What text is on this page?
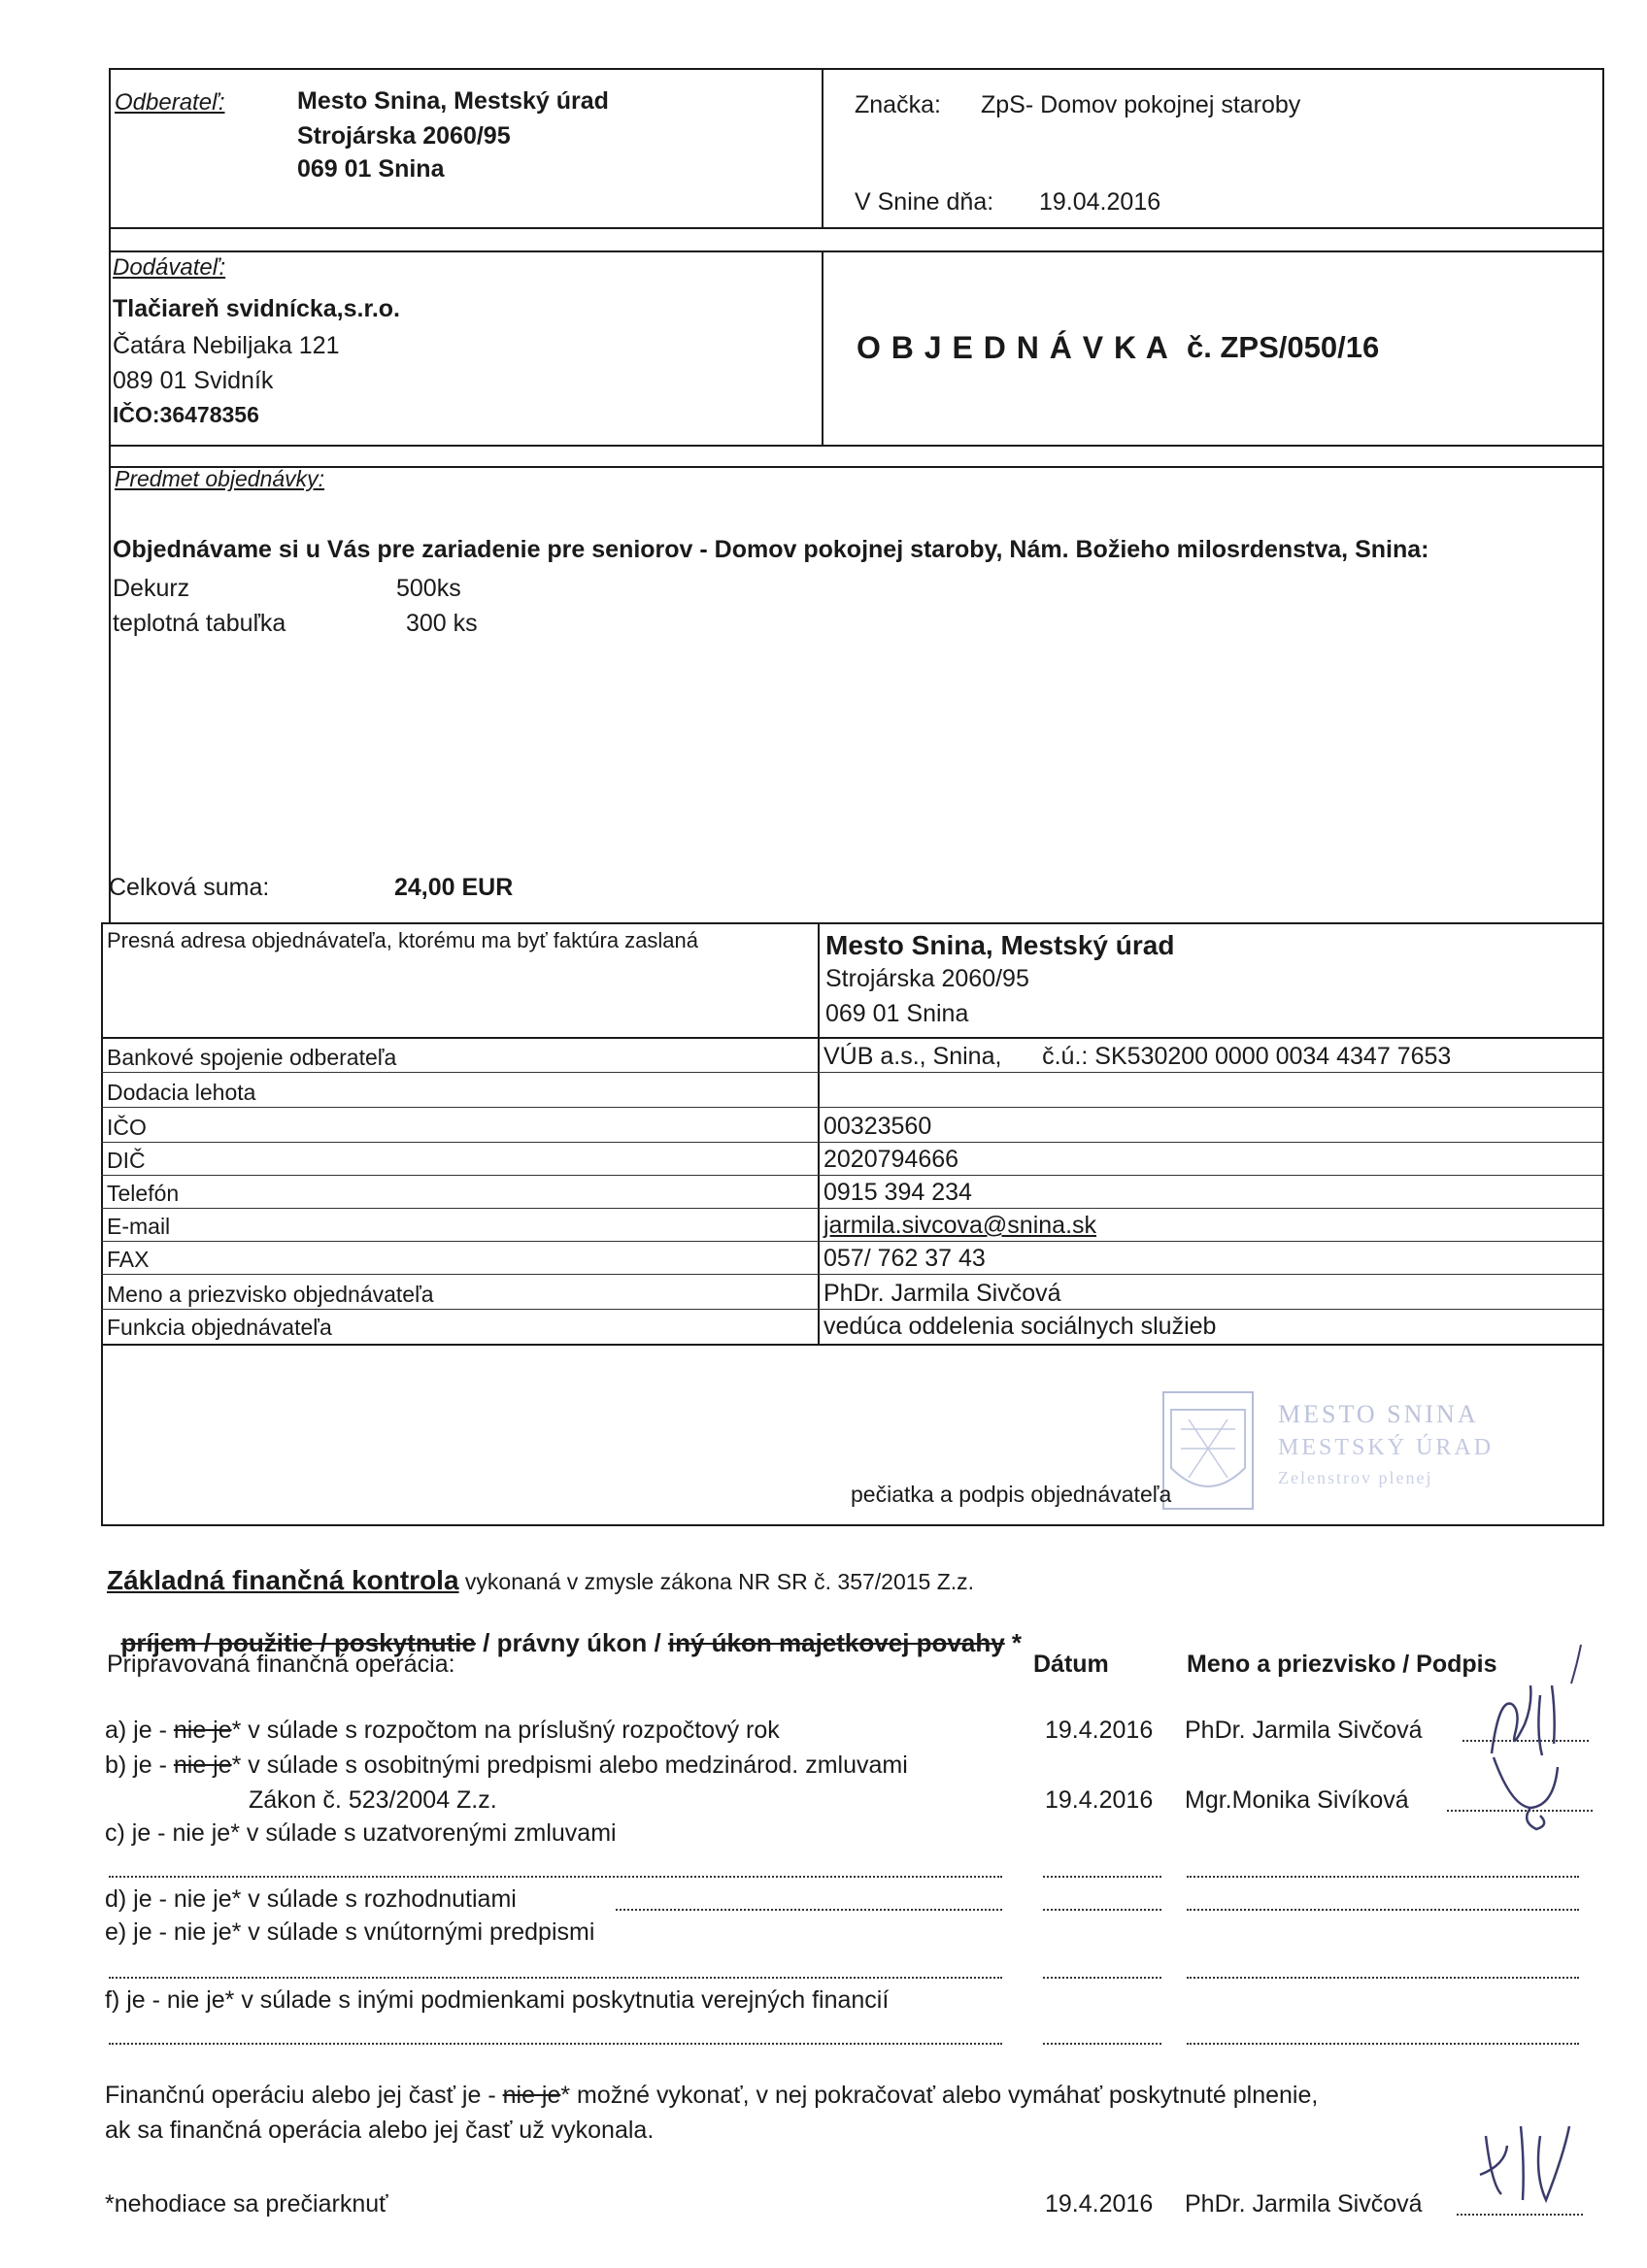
Odberateľ:	Mesto Snina, Mestský úrad
Strojárska 2060/95
069 01 Snina
Značka: ZpS- Domov pokojnej staroby
V Snine dňa: 19.04.2016
Dodávateľ:
Tlačiareň svidnícka,s.r.o.
Čatára Nebiljaka 121
089 01 Svidník
IČO:36478356
O B J E D N Á V K A č. ZPS/050/16
Predmet objednávky:
Objednávame si u Vás pre zariadenie pre seniorov - Domov pokojnej staroby, Nám. Božieho milosrdenstva, Snina:
Dekurz	500ks
teplotná tabuľka	300 ks
Celková suma:	24,00 EUR
Presná adresa objednávateľa, ktorému ma byť faktúra zaslaná	Mesto Snina, Mestský úrad
Strojárska 2060/95
069 01 Snina
Bankové spojenie odberateľa	VÚB a.s., Snina,      č.ú.: SK530200 0000 0034 4347 7653
Dodacia lehota
IČO	00323560
DIČ	2020794666
Telefón	0915 394 234
E-mail	jarmila.sivcova@snina.sk
FAX	057/ 762 37 43
Meno a priezvisko objednávateľa	PhDr. Jarmila Sivčová
Funkcia objednávateľa	vedúca oddelenia sociálnych služieb
MESTO SNINA
MESTSKÝ ÚRAD
Zelenstrov plenej
pečiatka a podpis objednávateľa
Základná finančná kontrola vykonaná v zmysle zákona NR SR č. 357/2015 Z.z.

príjem / použitie / poskytnutie / právny úkon / iný úkon majetkovej povahy *

Pripravovaná finančná operácia:	Dátum	Meno a priezvisko / Podpis
a) je - nie je* v súlade s rozpočtom na príslušný rozpočtový rok	19.4.2016 PhDr. Jarmila Sivčová
b) je - nie je* v súlade s osobitnými predpismi alebo medzinárod. zmluvami
Zákon č. 523/2004 Z.z.	19.4.2016 Mgr.Monika Sivíková
c) je - nie je* v súlade s uzatvorenými zmluvami
d) je - nie je* v súlade s rozhodnutiami
e) je - nie je* v súlade s vnútornými predpismi
f) je - nie je* v súlade s inými podmienkami poskytnutia verejných financií
Finančnú operáciu alebo jej časť je - nie je* možné vykonať, v nej pokračovať alebo vymáhať poskytnuté plnenie,
ak sa finančná operácia alebo jej časť už vykonala.
*nehodiace sa prečiarknuť	19.4.2016 PhDr. Jarmila Sivčová
